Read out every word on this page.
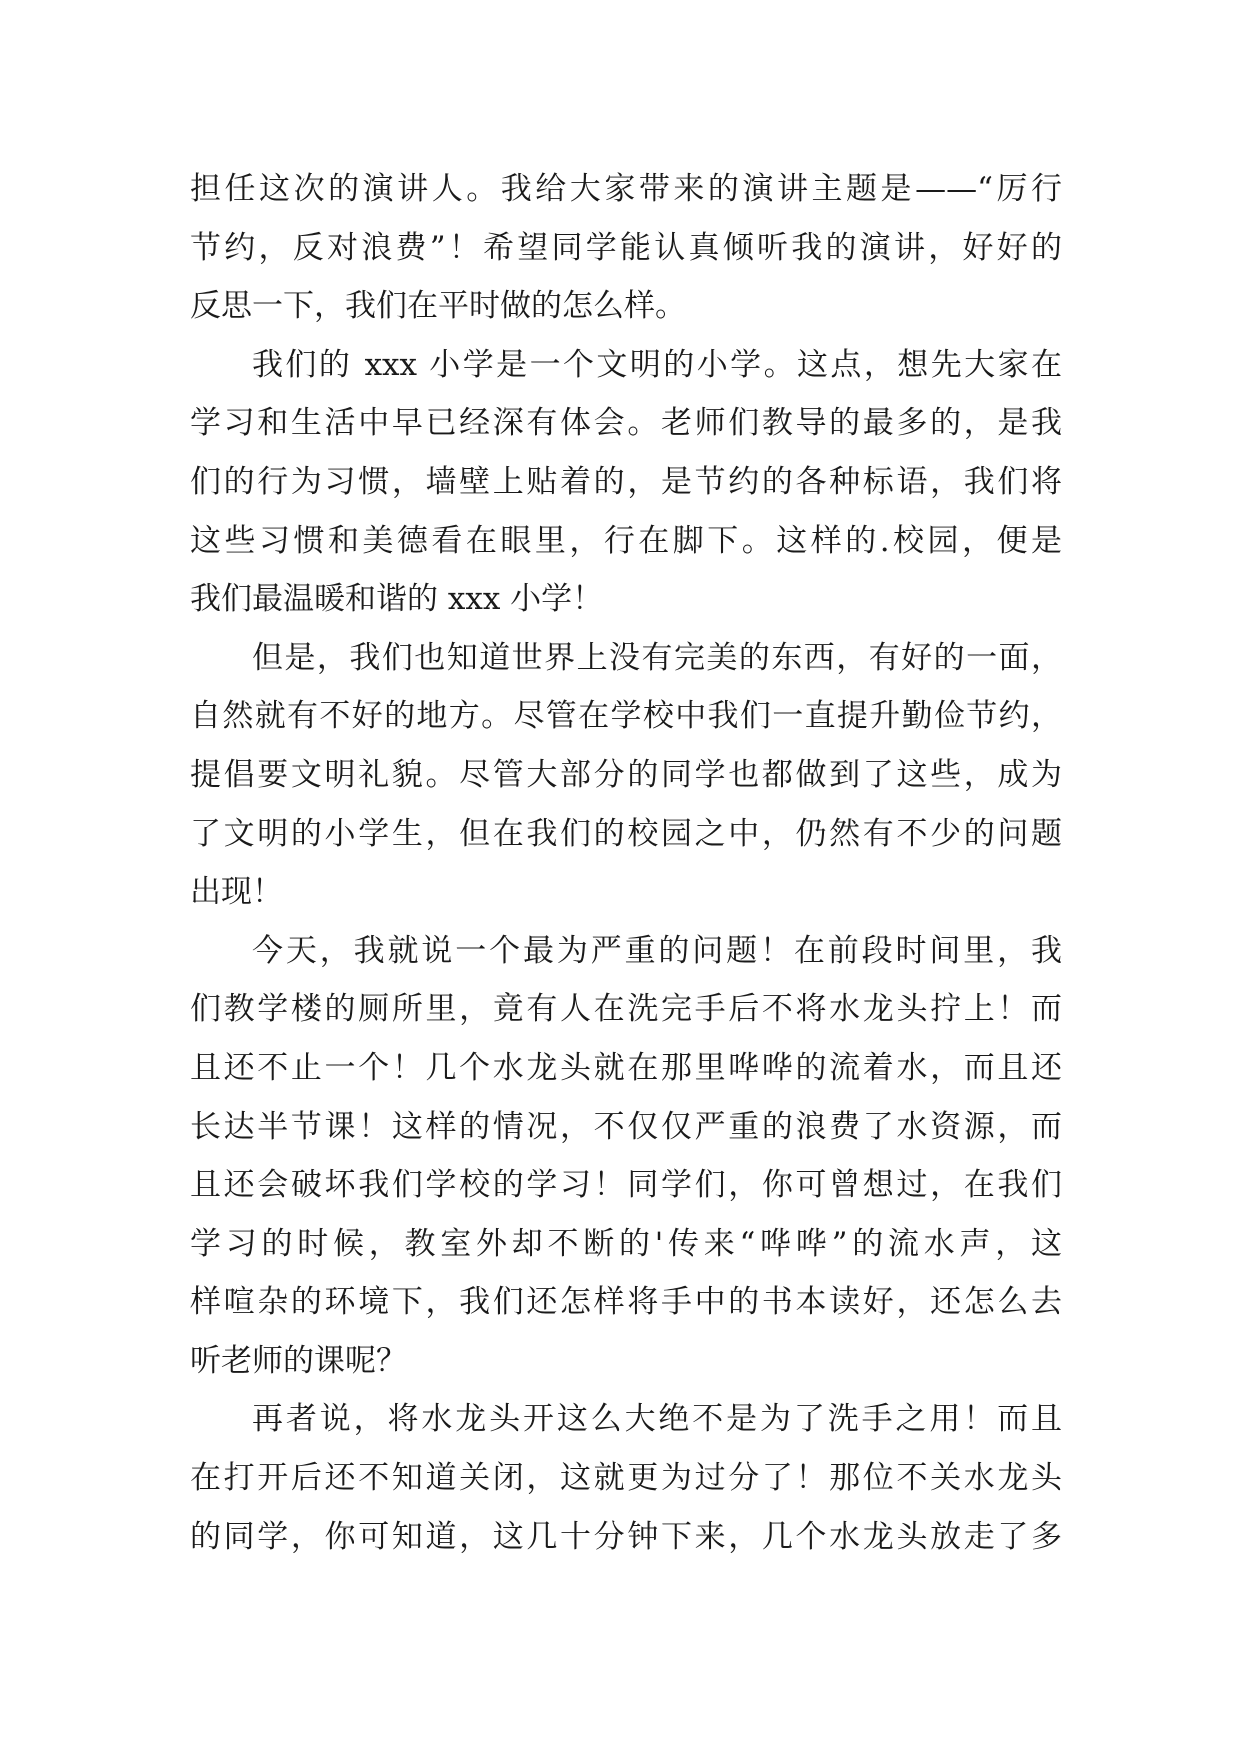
担任这次的演讲人。我给大家带来的演讲主题是——“厉行
节约，反对浪费”！希望同学能认真倾听我的演讲，好好的
反思一下，我们在平时做的怎么样。
我们的 xxx 小学是一个文明的小学。这点，想先大家在
学习和生活中早已经深有体会。老师们教导的最多的，是我
们的行为习惯，墙壁上贴着的，是节约的各种标语，我们将
这些习惯和美德看在眼里，行在脚下。这样的.校园，便是
我们最温暖和谐的 xxx 小学！
但是，我们也知道世界上没有完美的东西，有好的一面，
自然就有不好的地方。尽管在学校中我们一直提升勤俭节约，
提倡要文明礼貌。尽管大部分的同学也都做到了这些，成为
了文明的小学生，但在我们的校园之中，仍然有不少的问题
出现！
今天，我就说一个最为严重的问题！在前段时间里，我
们教学楼的厕所里，竟有人在洗完手后不将水龙头拧上！而
且还不止一个！几个水龙头就在那里哗哗的流着水，而且还
长达半节课！这样的情况，不仅仅严重的浪费了水资源，而
且还会破坏我们学校的学习！同学们，你可曾想过，在我们
学习的时候，教室外却不断的'传来“哗哗”的流水声，这
样喧杂的环境下，我们还怎样将手中的书本读好，还怎么去
听老师的课呢？
再者说，将水龙头开这么大绝不是为了洗手之用！而且
在打开后还不知道关闭，这就更为过分了！那位不关水龙头
的同学，你可知道，这几十分钟下来，几个水龙头放走了多
